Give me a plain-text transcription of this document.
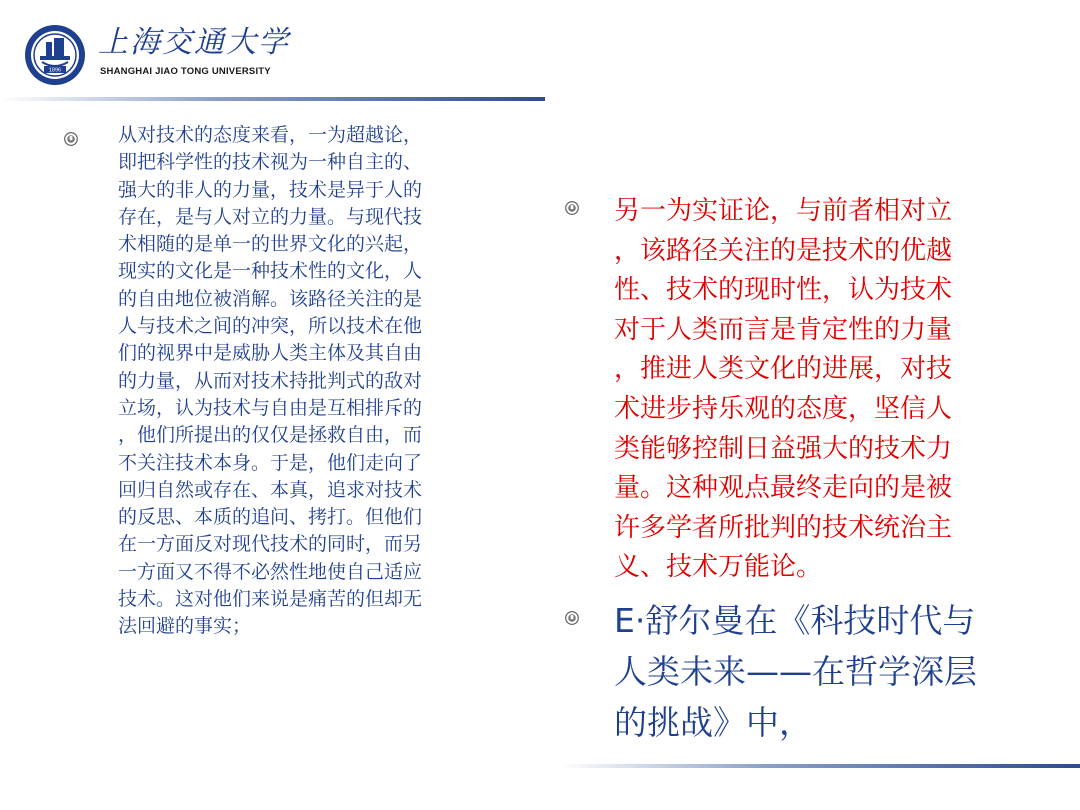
1896
上海交通大学
SHANGHAI JIAO TONG UNIVERSITY
从对技术的态度来看，一为超越论，
即把科学性的技术视为一种自主的、
强大的非人的力量，技术是异于人的
存在，是与人对立的力量。与现代技
术相随的是单一的世界文化的兴起，
现实的文化是一种技术性的文化，人
的自由地位被消解。该路径关注的是
人与技术之间的冲突，所以技术在他
们的视界中是威胁人类主体及其自由
的力量，从而对技术持批判式的敌对
立场，认为技术与自由是互相排斥的
，他们所提出的仅仅是拯救自由，而
不关注技术本身。于是，他们走向了
回归自然或存在、本真，追求对技术
的反思、本质的追问、拷打。但他们
在一方面反对现代技术的同时，而另
一方面又不得不必然性地使自己适应
技术。这对他们来说是痛苦的但却无
法回避的事实；
另一为实证论，与前者相对立
，该路径关注的是技术的优越
性、技术的现时性，认为技术
对于人类而言是肯定性的力量
，推进人类文化的进展，对技
术进步持乐观的态度，坚信人
类能够控制日益强大的技术力
量。这种观点最终走向的是被
许多学者所批判的技术统治主
义、技术万能论。
E·舒尔曼在《科技时代与
人类未来——在哲学深层
的挑战》中，
